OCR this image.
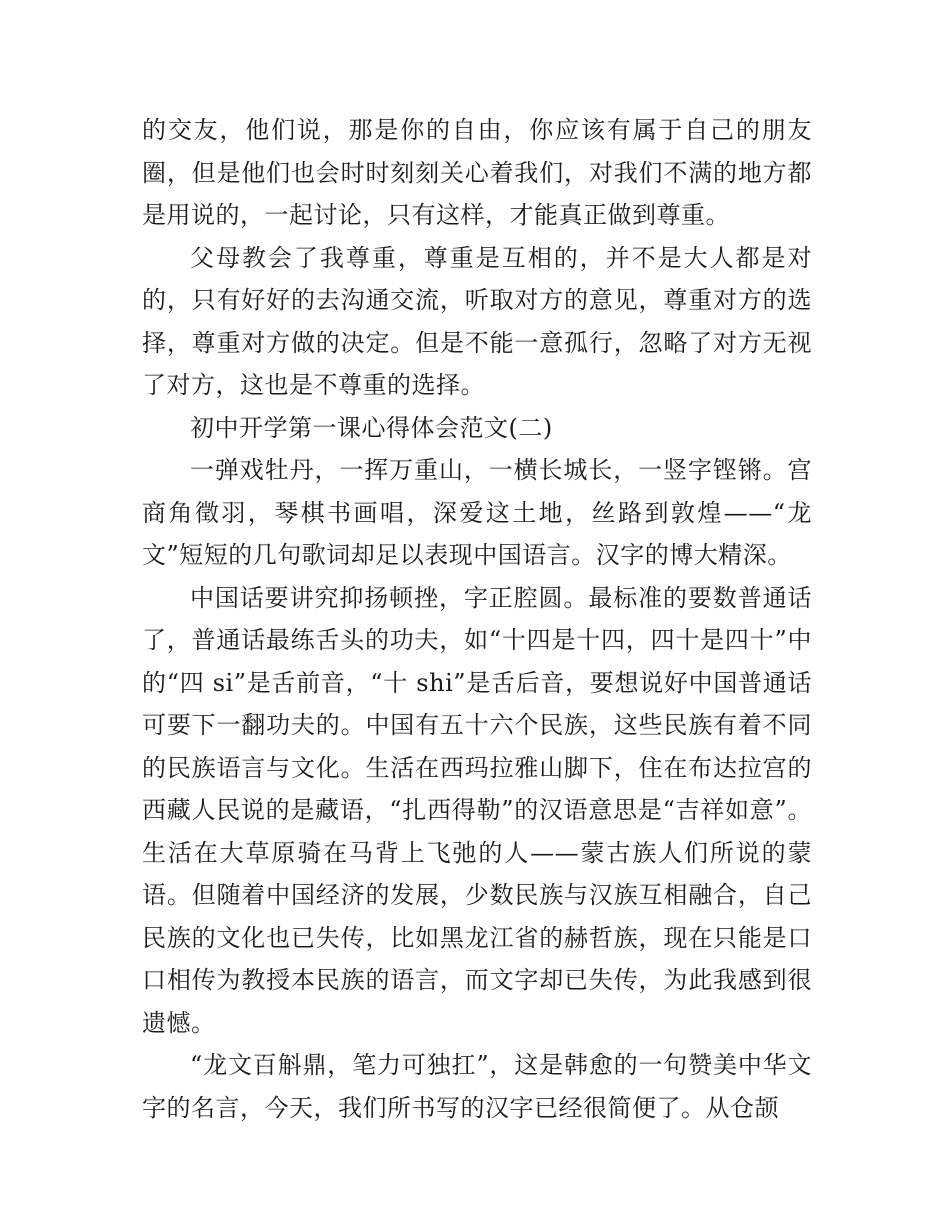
的交友，他们说，那是你的自由，你应该有属于自己的朋友圈，但是他们也会时时刻刻关心着我们，对我们不满的地方都是用说的，一起讨论，只有这样，才能真正做到尊重。

父母教会了我尊重，尊重是互相的，并不是大人都是对的，只有好好的去沟通交流，听取对方的意见，尊重对方的选择，尊重对方做的决定。但是不能一意孤行，忽略了对方无视了对方，这也是不尊重的选择。

初中开学第一课心得体会范文(二)

一弹戏牡丹，一挥万重山，一横长城长，一竖字铿锵。宫商角徵羽，琴棋书画唱，深爱这土地，丝路到敦煌——“龙文”短短的几句歌词却足以表现中国语言。汉字的博大精深。

中国话要讲究抑扬顿挫，字正腔圆。最标准的要数普通话了，普通话最练舌头的功夫，如“十四是十四，四十是四十”中的“四 si”是舌前音，“十 shi”是舌后音，要想说好中国普通话可要下一翻功夫的。中国有五十六个民族，这些民族有着不同的民族语言与文化。生活在西玛拉雅山脚下，住在布达拉宫的西藏人民说的是藏语，“扎西得勒”的汉语意思是“吉祥如意”。生活在大草原骑在马背上飞弛的人——蒙古族人们所说的蒙语。但随着中国经济的发展，少数民族与汉族互相融合，自己民族的文化也已失传，比如黑龙江省的赫哲族，现在只能是口口相传为教授本民族的语言，而文字却已失传，为此我感到很遗憾。

“龙文百斛鼎，笔力可独扛”，这是韩愈的一句赞美中华文字的名言，今天，我们所书写的汉字已经很简便了。从仓颉
